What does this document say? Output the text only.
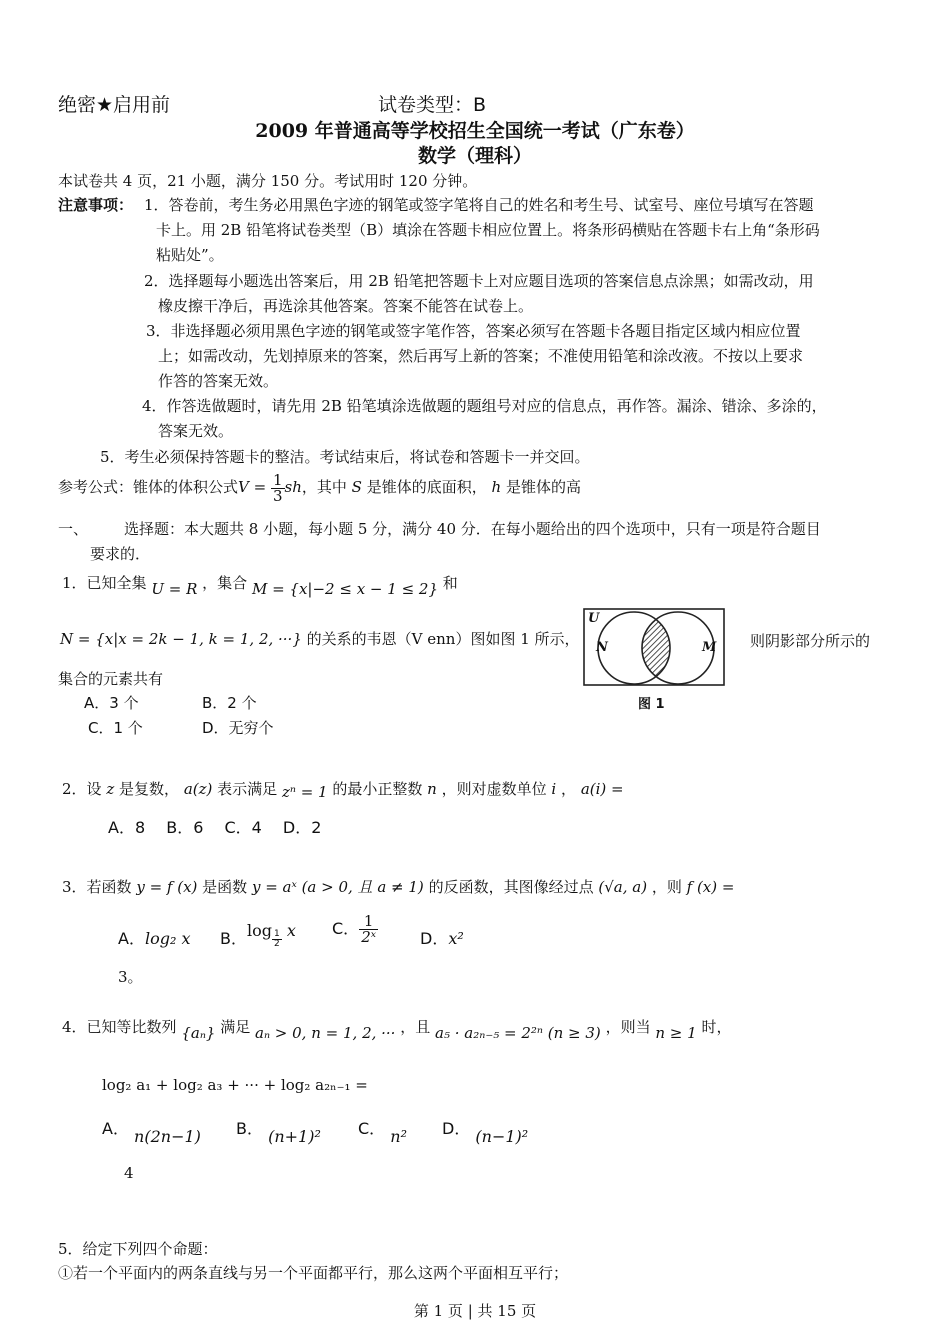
绝密★启用前	试卷类型：B
2009 年普通高等学校招生全国统一考试（广东卷）
数学（理科）
本试卷共 4 页，21 小题，满分 150 分。考试用时 120 分钟。
注意事项： 1．答卷前，考生务必用黑色字迹的钢笔或签字笔将自己的姓名和考生号、试室号、座位号填写在答题
卡上。用 2B 铅笔将试卷类型（B）填涂在答题卡相应位置上。将条形码横贴在答题卡右上角“条形码
粘贴处”。
2．选择题每小题选出答案后，用 2B 铅笔把答题卡上对应题目选项的答案信息点涂黑；如需改动，用
橡皮擦干净后，再选涂其他答案。答案不能答在试卷上。
3．非选择题必须用黑色字迹的钢笔或签字笔作答，答案必须写在答题卡各题目指定区域内相应位置
上；如需改动，先划掉原来的答案，然后再写上新的答案；不准使用铅笔和涂改液。不按以上要求
作答的答案无效。
4．作答选做题时，请先用 2B 铅笔填涂选做题的题组号对应的信息点，再作答。漏涂、错涂、多涂的，
答案无效。
5．考生必须保持答题卡的整洁。考试结束后，将试卷和答题卡一并交回。
参考公式：锥体的体积公式$V = \frac{1}{3}$ sh，其中 S 是锥体的底面积， h 是锥体的高
一、 选择题：本大题共 8 小题，每小题 5 分，满分 40 分．在每小题给出的四个选项中，只有一项是符合题目
要求的．
1．已知全集 U = R ，集合 M = {x|−2 ≤ x − 1 ≤ 2} 和
N = {x|x = 2k − 1, k = 1, 2, ···} 的关系的韦恩（V enn）图如图 1 所示，	则阴影部分所示的
集合的元素共有
U
N	M
图 1
A．3 个	B．2 个
C．1 个	D．无穷个
2．设 z 是复数， a(z) 表示满足 zⁿ = 1 的最小正整数 n ，则对虚数单位 i ， a(i) =
A．8　 B．6　 C．4　 D．2
3．若函数 y = f (x) 是函数 y = aˣ (a > 0, 且 a ≠ 1) 的反函数，其图像经过点 (√a, a) ，则 f (x) =
A．log₂ x B．$\log \frac{1}{2}$ x C． $\frac{1}{\text{2ˣ}}$	D．x²
3。
4．已知等比数列 {aₙ} 满足 aₙ > 0, n = 1, 2, ··· ，且 a₅ · a₂ₙ₋₅ = 2²ⁿ (n ≥ 3) ，则当 n ≥ 1 时，
log₂ a₁ + log₂ a₃ + ··· + log₂ a₂ₙ₋₁ =
A． n(2n−1) B． (n+1)² C． n² D． (n−1)²
4
5．给定下列四个命题：
①若一个平面内的两条直线与另一个平面都平行，那么这两个平面相互平行；
第 1 页 | 共 15 页
